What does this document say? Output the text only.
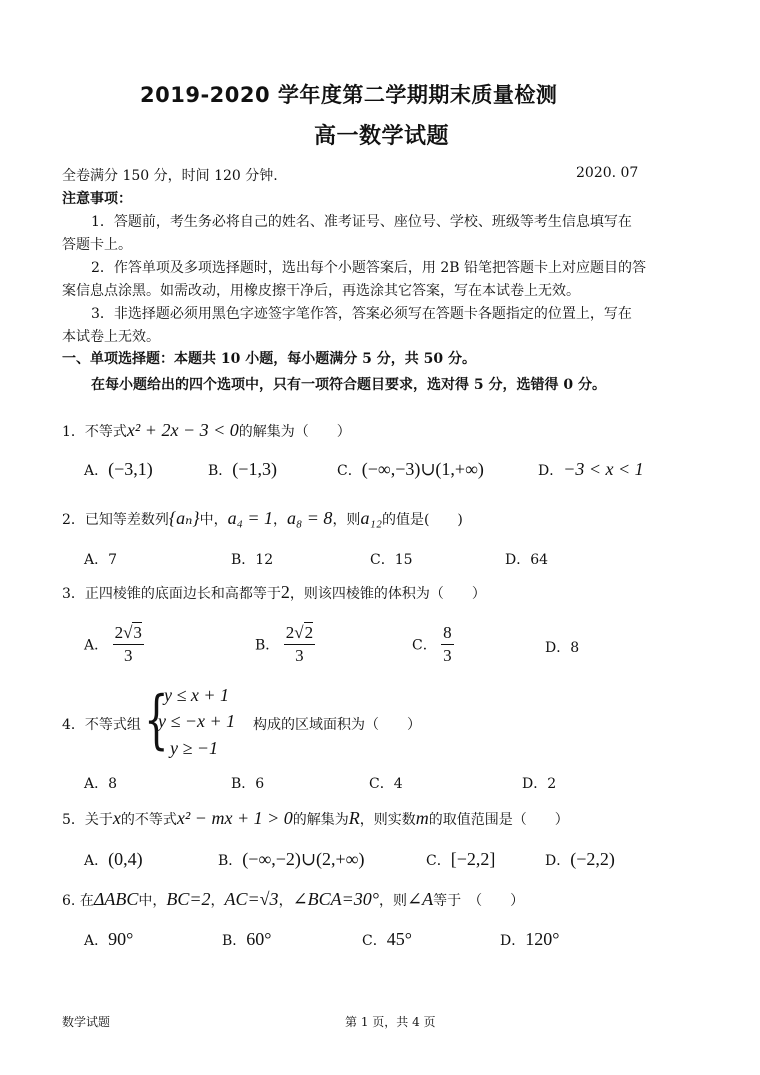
2019-2020 学年度第二学期期末质量检测
高一数学试题
全卷满分 150 分，时间 120 分钟.	2020. 07
注意事项：
1．答题前，考生务必将自己的姓名、准考证号、座位号、学校、班级等考生信息填写在
答题卡上。
2．作答单项及多项选择题时，选出每个小题答案后，用 2B 铅笔把答题卡上对应题目的答
案信息点涂黑。如需改动，用橡皮擦干净后，再选涂其它答案，写在本试卷上无效。
3．非选择题必须用黑色字迹签字笔作答，答案必须写在答题卡各题指定的位置上，写在
本试卷上无效。
一、单项选择题：本题共 10 小题，每小题满分 5 分，共 50 分。
在每小题给出的四个选项中，只有一项符合题目要求，选对得 5 分，选错得 0 分。
1．不等式x² + 2x − 3 < 0的解集为（　　）
A．(−3,1)	B．(−1,3)	C．(−∞,−3)∪(1,+∞)	D．−3 < x < 1
2．已知等差数列{aₙ}中，a₄ = 1，a₈ = 8，则a₁₂的值是(　　)
A．7	B．12	C．15	D．64
3．正四棱锥的底面边长和高都等于2，则该四棱锥的体积为（　　）
A． $\frac{2√3}{3}$	B． $\frac{2√2}{3}$	C． $\frac{8}{3}$	D．8
4．不等式组 {
y ≤ x + 1
y ≤ −x + 1
y ≥ −1
构成的区域面积为（　　）
A．8	B．6	C．4	D．2
5．关于x的不等式x² − mx + 1 > 0的解集为R，则实数m的取值范围是（　　）
A．(0,4)	B．(−∞,−2)∪(2,+∞)	C．[−2,2]	D．(−2,2)
6. 在ΔABC中，BC=2，AC=√3，∠BCA=30°，则∠A等于　（　　）
A．90°	B．60°	C．45°	D．120°
数学试题	第 1 页，共 4 页
